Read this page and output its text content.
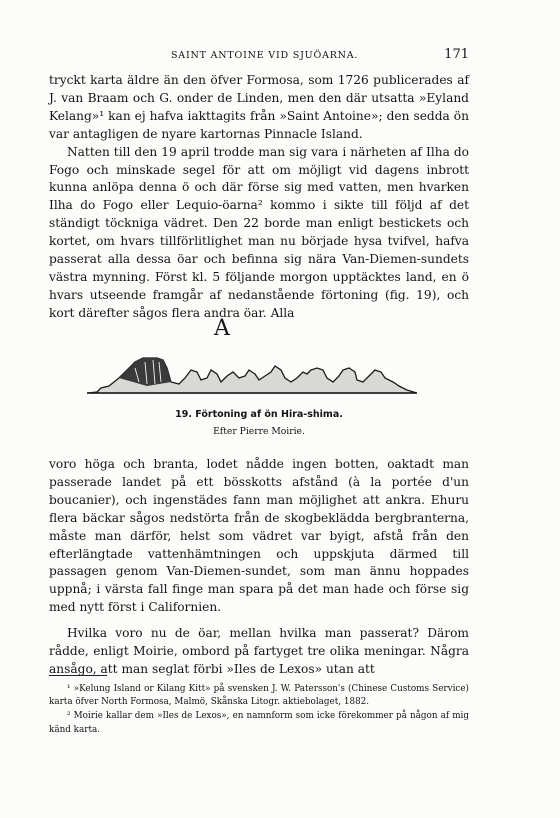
SAINT ANTOINE VID SJUÖARNA.	171

tryckt karta äldre än den öfver Formosa, som 1726 publicerades af J. van Braam och G. onder de Linden, men den där utsatta »Eyland Kelang»¹ kan ej hafva iakttagits från »Saint Antoine»; den sedda ön var antagligen de nyare kartornas Pinnacle Island.

Natten till den 19 april trodde man sig vara i närheten af Ilha do Fogo och minskade segel för att om möjligt vid dagens inbrott kunna anlöpa denna ö och där förse sig med vatten, men hvarken Ilha do Fogo eller Lequio-öarna² kommo i sikte till följd af det ständigt töckniga vädret. Den 22 borde man enligt bestickets och kortet, om hvars tillförlitlighet man nu började hysa tvifvel, hafva passerat alla dessa öar och befinna sig nära Van-Diemen-sundets västra mynning. Först kl. 5 följande morgon upptäcktes land, en ö hvars utseende framgår af nedanstående förtoning (fig. 19), och kort därefter sågos flera andra öar. Alla

A
19. Förtoning af ön Hira-shima.
Efter Pierre Moirie.

voro höga och branta, lodet nådde ingen botten, oaktadt man passerade landet på ett bösskotts afstånd (à la portée d'un boucanier), och ingenstädes fann man möjlighet att ankra. Ehuru flera bäckar sågos nedstörta från de skogbeklädda bergbranterna, måste man därför, helst som vädret var byigt, afstå från den efterlängtade vattenhämtningen och uppskjuta därmed till passagen genom Van-Diemen-sundet, som man ännu hoppades uppnå; i värsta fall finge man spara på det man hade och förse sig med nytt först i Californien.

Hvilka voro nu de öar, mellan hvilka man passerat? Därom rådde, enligt Moirie, ombord på fartyget tre olika meningar. Några ansågo, att man seglat förbi »Iles de Lexos» utan att

¹ »Kelung Island or Kilang Kitt» på svensken J. W. Patersson's (Chinese Customs Service) karta öfver North Formosa, Malmö, Skånska Litogr. aktiebolaget, 1882.

² Moirie kallar dem »Iles de Lexos», en namnform som icke förekommer på någon af mig känd karta.
